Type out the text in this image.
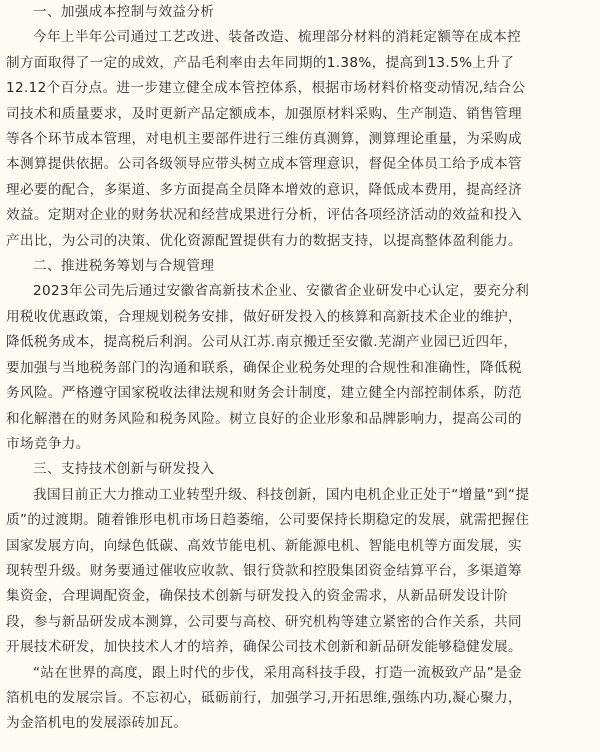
一、加强成本控制与效益分析

今年上半年公司通过工艺改进、装备改造、梳理部分材料的消耗定额等在成本控
制方面取得了一定的成效，产品毛利率由去年同期的1.38%，提高到13.5%上升了
12.12个百分点。进一步建立健全成本管控体系，根据市场材料价格变动情况,结合公
司技术和质量要求，及时更新产品定额成本，加强原材料采购、生产制造、销售管理
等各个环节成本管理，对电机主要部件进行三维仿真测算，测算理论重量，为采购成
本测算提供依据。公司各级领导应带头树立成本管理意识，督促全体员工给予成本管
理必要的配合，多渠道、多方面提高全员降本增效的意识，降低成本费用，提高经济
效益。定期对企业的财务状况和经营成果进行分析，评估各项经济活动的效益和投入
产出比，为公司的决策、优化资源配置提供有力的数据支持，以提高整体盈利能力。

二、推进税务筹划与合规管理

2023年公司先后通过安徽省高新技术企业、安徽省企业研发中心认定，要充分利
用税收优惠政策，合理规划税务安排，做好研发投入的核算和高新技术企业的维护，
降低税务成本，提高税后利润。公司从江苏.南京搬迁至安徽.芜湖产业园已近四年，
要加强与当地税务部门的沟通和联系，确保企业税务处理的合规性和准确性，降低税
务风险。严格遵守国家税收法律法规和财务会计制度，建立健全内部控制体系，防范
和化解潜在的财务风险和税务风险。树立良好的企业形象和品牌影响力，提高公司的
市场竞争力。

三、支持技术创新与研发投入

我国目前正大力推动工业转型升级、科技创新，国内电机企业正处于“增量”到“提
质”的过渡期。随着锥形电机市场日趋萎缩，公司要保持长期稳定的发展，就需把握住
国家发展方向，向绿色低碳、高效节能电机、新能源电机、智能电机等方面发展，实
现转型升级。财务要通过催收应收款、银行贷款和控股集团资金结算平台，多渠道筹
集资金，合理调配资金，确保技术创新与研发投入的资金需求，从新品研发设计阶
段，参与新品研发成本测算，公司要与高校、研究机构等建立紧密的合作关系，共同
开展技术研发，加快技术人才的培养，确保公司技术创新和新品研发能够稳健发展。

“站在世界的高度，跟上时代的步伐，采用高科技手段，打造一流极致产品”是金
箔机电的发展宗旨。不忘初心，砥砺前行，加强学习,开拓思维,强练内功,凝心聚力，
为金箔机电的发展添砖加瓦。
